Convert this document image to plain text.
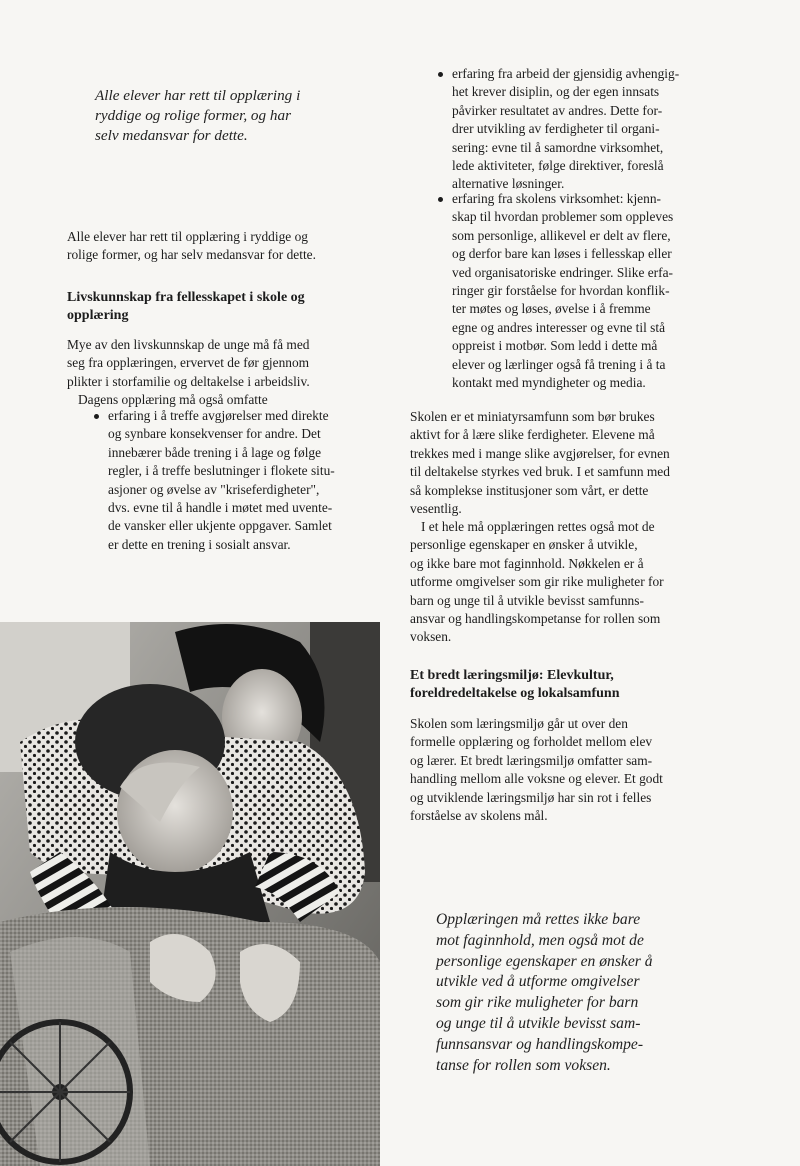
Alle elever har rett til opplæring i
ryddige og rolige former, og har
selv medansvar for dette.
Alle elever har rett til opplæring i ryddige og
rolige former, og har selv medansvar for dette.
Livskunnskap fra fellesskapet i skole og
opplæring
Mye av den livskunnskap de unge må få med
seg fra opplæringen, ervervet de før gjennom
plikter i storfamilie og deltakelse i arbeidsliv.
Dagens opplæring må også omfatte
erfaring i å treffe avgjørelser med direkte
og synbare konsekvenser for andre. Det
innebærer både trening i å lage og følge
regler, i å treffe beslutninger i flokete situ-
asjoner og øvelse av "kriseferdigheter",
dvs. evne til å handle i møtet med uvente-
de vansker eller ukjente oppgaver. Samlet
er dette en trening i sosialt ansvar.
erfaring fra arbeid der gjensidig avhengig-
het krever disiplin, og der egen innsats
påvirker resultatet av andres. Dette for-
drer utvikling av ferdigheter til organi-
sering: evne til å samordne virksomhet,
lede aktiviteter, følge direktiver, foreslå
alternative løsninger.
erfaring fra skolens virksomhet: kjenn-
skap til hvordan problemer som oppleves
som personlige, allikevel er delt av flere,
og derfor bare kan løses i fellesskap eller
ved organisatoriske endringer. Slike erfa-
ringer gir forståelse for hvordan konflik-
ter møtes og løses, øvelse i å fremme
egne og andres interesser og evne til stå
oppreist i motbør. Som ledd i dette må
elever og lærlinger også få trening i å ta
kontakt med myndigheter og media.
Skolen er et miniatyrsamfunn som bør brukes
aktivt for å lære slike ferdigheter. Elevene må
trekkes med i mange slike avgjørelser, for evnen
til deltakelse styrkes ved bruk. I et samfunn med
så komplekse institusjoner som vårt, er dette
vesentlig.
I et hele må opplæringen rettes også mot de
personlige egenskaper en ønsker å utvikle,
og ikke bare mot faginnhold. Nøkkelen er å
utforme omgivelser som gir rike muligheter for
barn og unge til å utvikle bevisst samfunns-
ansvar og handlingskompetanse for rollen som
voksen.
Et bredt læringsmiljø: Elevkultur,
foreldredeltakelse og lokalsamfunn
Skolen som læringsmiljø går ut over den
formelle opplæring og forholdet mellom elev
og lærer. Et bredt læringsmiljø omfatter sam-
handling mellom alle voksne og elever. Et godt
og utviklende læringsmiljø har sin rot i felles
forståelse av skolens mål.
Opplæringen må rettes ikke bare
mot faginnhold, men også mot de
personlige egenskaper en ønsker å
utvikle ved å utforme omgivelser
som gir rike muligheter for barn
og unge til å utvikle bevisst sam-
funnsansvar og handlingskompe-
tanse for rollen som voksen.
